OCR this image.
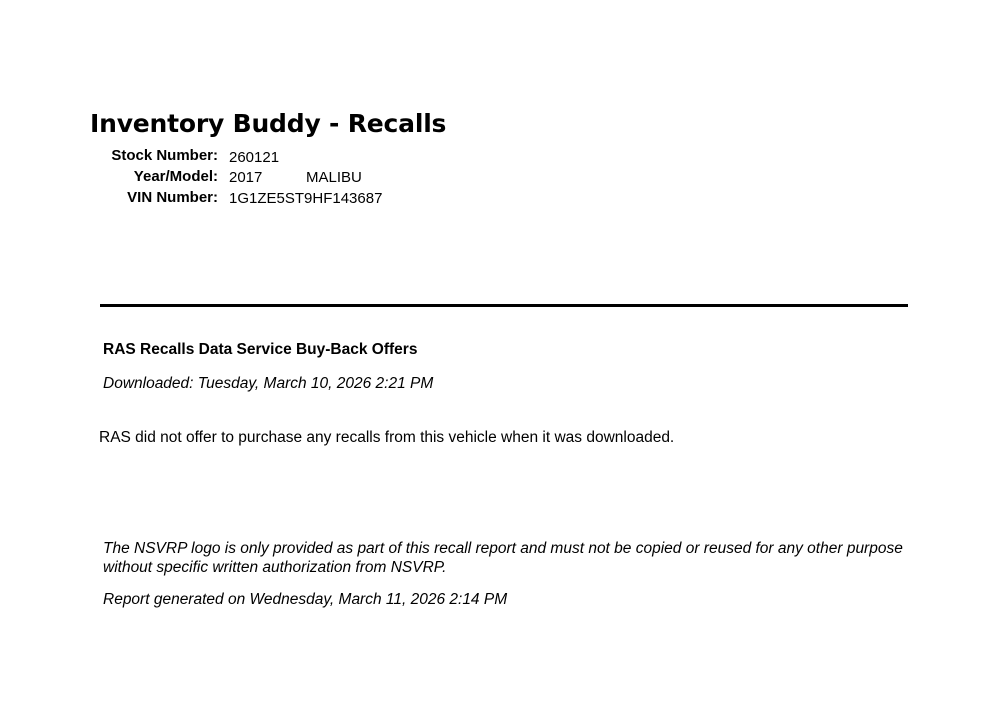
Inventory Buddy - Recalls
Stock Number: 260121
Year/Model: 2017	MALIBU
VIN Number: 1G1ZE5ST9HF143687
RAS Recalls Data Service Buy-Back Offers
Downloaded: Tuesday, March 10, 2026 2:21 PM
RAS did not offer to purchase any recalls from this vehicle when it was downloaded.
The NSVRP logo is only provided as part of this recall report and must not be copied or reused for any other purpose without specific written authorization from NSVRP.
Report generated on Wednesday, March 11, 2026 2:14 PM
